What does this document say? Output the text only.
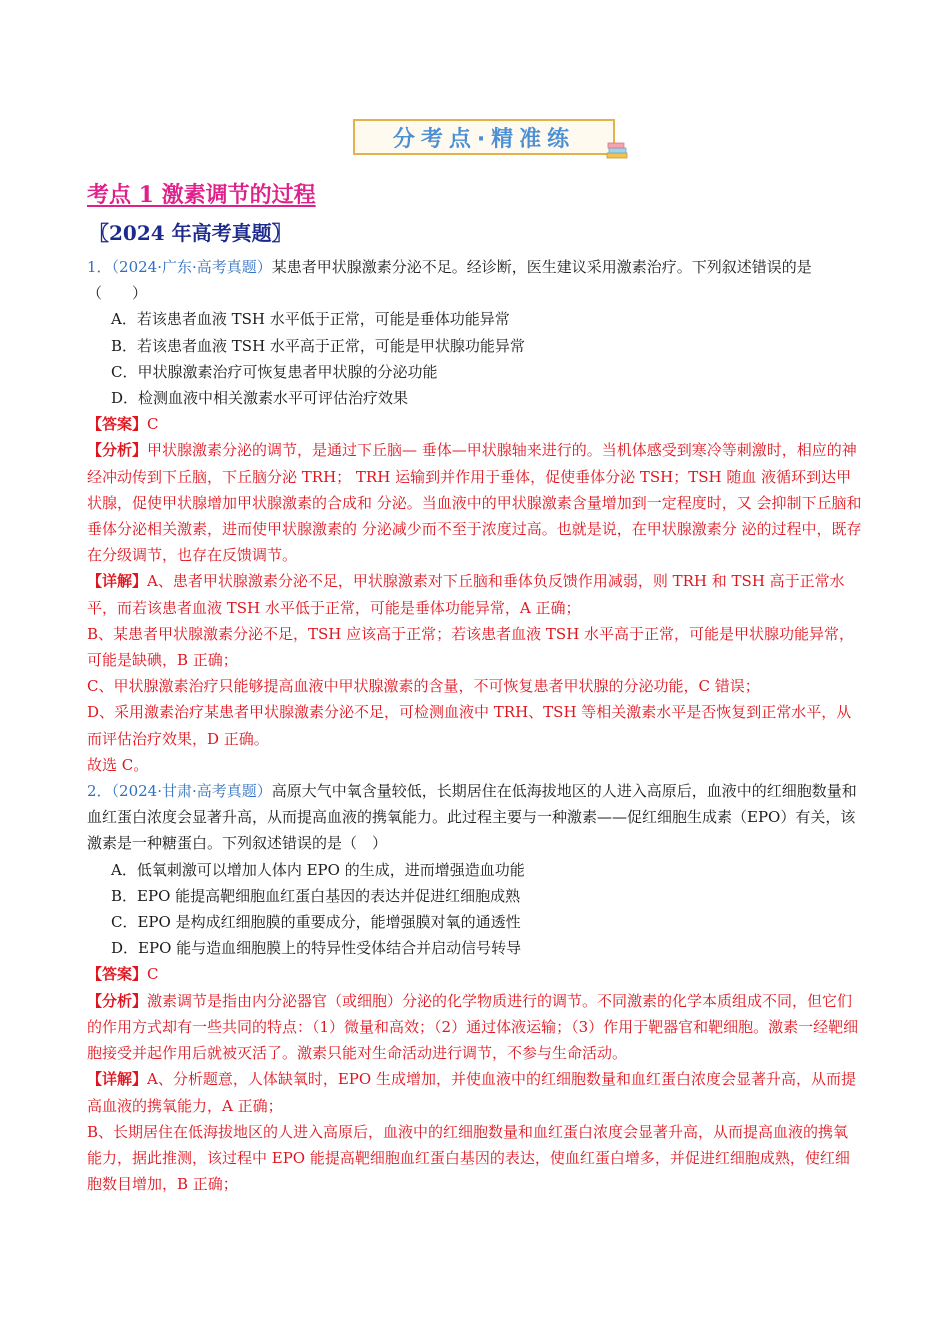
分考点·精准练
考点 1 激素调节的过程
〖2024 年高考真题〗

1．（2024·广东·高考真题）某患者甲状腺激素分泌不足。经诊断，医生建议采用激素治疗。下列叙述错误的是（　　）

A．若该患者血液 TSH 水平低于正常，可能是垂体功能异常

B．若该患者血液 TSH 水平高于正常，可能是甲状腺功能异常

C．甲状腺激素治疗可恢复患者甲状腺的分泌功能

D．检测血液中相关激素水平可评估治疗效果

【答案】C

【分析】甲状腺激素分泌的调节，是通过下丘脑— 垂体—甲状腺轴来进行的。当机体感受到寒冷等刺激时，相应的神经冲动传到下丘脑，下丘脑分泌 TRH； TRH 运输到并作用于垂体，促使垂体分泌 TSH；TSH 随血 液循环到达甲状腺，促使甲状腺增加甲状腺激素的合成和 分泌。当血液中的甲状腺激素含量增加到一定程度时，又 会抑制下丘脑和垂体分泌相关激素，进而使甲状腺激素的 分泌减少而不至于浓度过高。也就是说，在甲状腺激素分 泌的过程中，既存在分级调节，也存在反馈调节。

【详解】A、患者甲状腺激素分泌不足，甲状腺激素对下丘脑和垂体负反馈作用减弱，则 TRH 和 TSH 高于正常水平，而若该患者血液 TSH 水平低于正常，可能是垂体功能异常，A 正确；

B、某患者甲状腺激素分泌不足，TSH 应该高于正常；若该患者血液 TSH 水平高于正常，可能是甲状腺功能异常，可能是缺碘，B 正确；

C、甲状腺激素治疗只能够提高血液中甲状腺激素的含量，不可恢复患者甲状腺的分泌功能，C 错误；

D、采用激素治疗某患者甲状腺激素分泌不足，可检测血液中 TRH、TSH 等相关激素水平是否恢复到正常水平，从而评估治疗效果，D 正确。

故选 C。

2．（2024·甘肃·高考真题）高原大气中氧含量较低，长期居住在低海拔地区的人进入高原后，血液中的红细胞数量和血红蛋白浓度会显著升高，从而提高血液的携氧能力。此过程主要与一种激素——促红细胞生成素（EPO）有关，该激素是一种糖蛋白。下列叙述错误的是（　）

A．低氧刺激可以增加人体内 EPO 的生成，进而增强造血功能

B．EPO 能提高靶细胞血红蛋白基因的表达并促进红细胞成熟

C．EPO 是构成红细胞膜的重要成分，能增强膜对氧的通透性

D．EPO 能与造血细胞膜上的特异性受体结合并启动信号转导

【答案】C

【分析】激素调节是指由内分泌器官（或细胞）分泌的化学物质进行的调节。不同激素的化学本质组成不同，但它们的作用方式却有一些共同的特点：（1）微量和高效；（2）通过体液运输；（3）作用于靶器官和靶细胞。激素一经靶细胞接受并起作用后就被灭活了。激素只能对生命活动进行调节，不参与生命活动。

【详解】A、分析题意，人体缺氧时，EPO 生成增加，并使血液中的红细胞数量和血红蛋白浓度会显著升高，从而提高血液的携氧能力，A 正确；

B、长期居住在低海拔地区的人进入高原后，血液中的红细胞数量和血红蛋白浓度会显著升高，从而提高血液的携氧能力，据此推测，该过程中 EPO 能提高靶细胞血红蛋白基因的表达，使血红蛋白增多，并促进红细胞成熟，使红细胞数目增加，B 正确；
